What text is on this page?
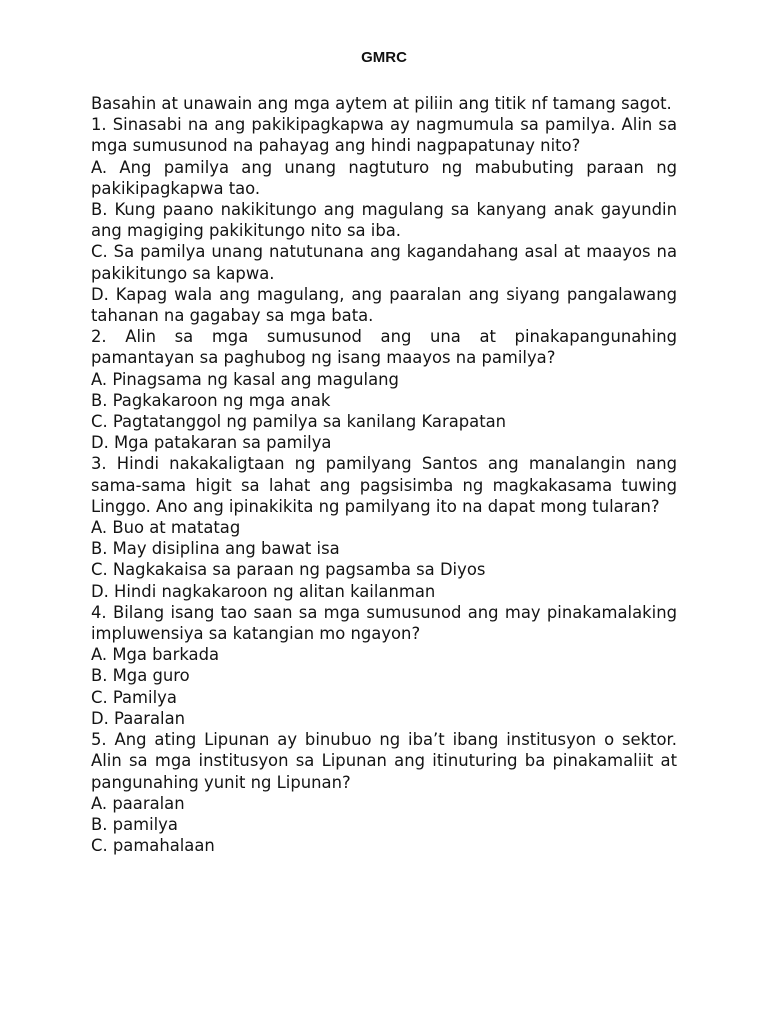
GMRC

Basahin at unawain ang mga aytem at piliin ang titik nf tamang sagot.

1. Sinasabi na ang pakikipagkapwa ay nagmumula sa pamilya. Alin sa mga sumusunod na pahayag ang hindi nagpapatunay nito?

A. Ang pamilya ang unang nagtuturo ng mabubuting paraan ng pakikipagkapwa tao.

B. Kung paano nakikitungo ang magulang sa kanyang anak gayundin ang magiging pakikitungo nito sa iba.

C. Sa pamilya unang natutunana ang kagandahang asal at maayos na pakikitungo sa kapwa.

D. Kapag wala ang magulang, ang paaralan ang siyang pangalawang tahanan na gagabay sa mga bata.

2. Alin sa mga sumusunod ang una at pinakapangunahing pamantayan sa paghubog ng isang maayos na pamilya?

A. Pinagsama ng kasal ang magulang

B. Pagkakaroon ng mga anak

C. Pagtatanggol ng pamilya sa kanilang Karapatan

D. Mga patakaran sa pamilya

3. Hindi nakakaligtaan ng pamilyang Santos ang manalangin nang sama-sama higit sa lahat ang pagsisimba ng magkakasama tuwing Linggo. Ano ang ipinakikita ng pamilyang ito na dapat mong tularan?

A. Buo at matatag

B. May disiplina ang bawat isa

C. Nagkakaisa sa paraan ng pagsamba sa Diyos

D. Hindi nagkakaroon ng alitan kailanman

4. Bilang isang tao saan sa mga sumusunod ang may pinakamalaking impluwensiya sa katangian mo ngayon?

A. Mga barkada

B. Mga guro

C. Pamilya

D. Paaralan

5. Ang ating Lipunan ay binubuo ng iba’t ibang institusyon o sektor. Alin sa mga institusyon sa Lipunan ang itinuturing ba pinakamaliit at pangunahing yunit ng Lipunan?

A. paaralan

B. pamilya

C. pamahalaan
